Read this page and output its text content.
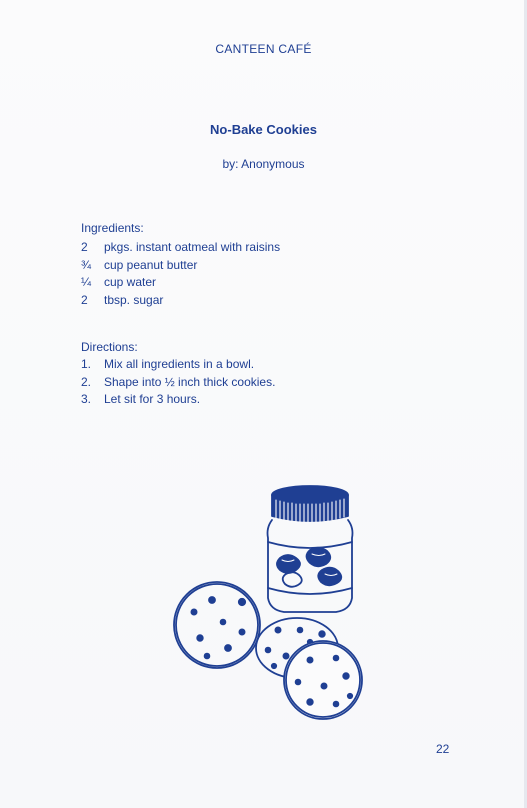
CANTEEN CAFÉ
No-Bake Cookies
by: Anonymous
Ingredients:
2	pkgs. instant oatmeal with raisins
¾	cup peanut butter
¼	cup water
2	tbsp. sugar
Directions:
1.	Mix all ingredients in a bowl.
2.	Shape into ½ inch thick cookies.
3.	Let sit for 3 hours.
22
